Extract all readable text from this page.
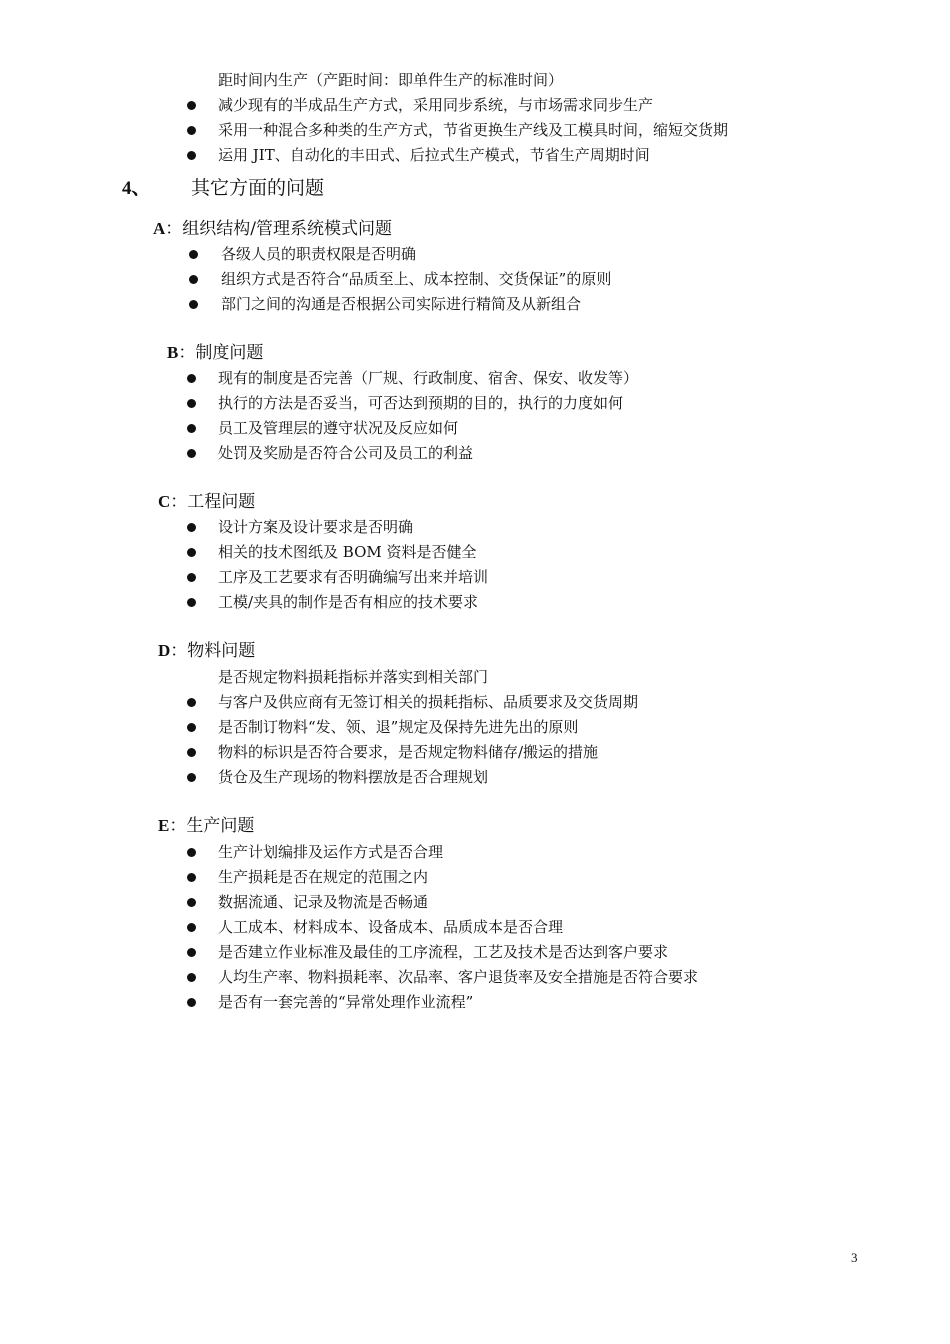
距时间内生产（产距时间：即单件生产的标准时间）
减少现有的半成品生产方式，采用同步系统，与市场需求同步生产
采用一种混合多种类的生产方式，节省更换生产线及工模具时间，缩短交货期
运用 JIT、自动化的丰田式、后拉式生产模式，节省生产周期时间
4、 其它方面的问题
A：组织结构/管理系统模式问题
各级人员的职责权限是否明确
组织方式是否符合“品质至上、成本控制、交货保证”的原则
部门之间的沟通是否根据公司实际进行精简及从新组合
B：制度问题
现有的制度是否完善（厂规、行政制度、宿舍、保安、收发等）
执行的方法是否妥当，可否达到预期的目的，执行的力度如何
员工及管理层的遵守状况及反应如何
处罚及奖励是否符合公司及员工的利益
C：工程问题
设计方案及设计要求是否明确
相关的技术图纸及 BOM 资料是否健全
工序及工艺要求有否明确编写出来并培训
工模/夹具的制作是否有相应的技术要求
D：物料问题
是否规定物料损耗指标并落实到相关部门
与客户及供应商有无签订相关的损耗指标、品质要求及交货周期
是否制订物料“发、领、退”规定及保持先进先出的原则
物料的标识是否符合要求，是否规定物料储存/搬运的措施
货仓及生产现场的物料摆放是否合理规划
E：生产问题
生产计划编排及运作方式是否合理
生产损耗是否在规定的范围之内
数据流通、记录及物流是否畅通
人工成本、材料成本、设备成本、品质成本是否合理
是否建立作业标准及最佳的工序流程，工艺及技术是否达到客户要求
人均生产率、物料损耗率、次品率、客户退货率及安全措施是否符合要求
是否有一套完善的“异常处理作业流程”
3
